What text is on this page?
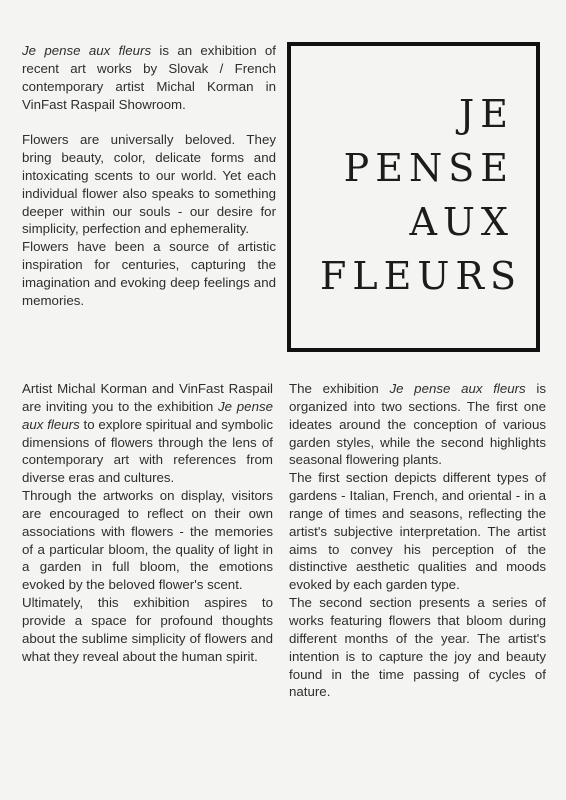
Je pense aux fleurs is an exhibition of recent art works by Slovak / French contemporary artist Michal Korman in VinFast Raspail Showroom.

Flowers are universally beloved. They bring beauty, color, delicate forms and intoxicating scents to our world. Yet each individual flower also speaks to something deeper within our souls - our desire for simplicity, perfection and ephemerality.

Flowers have been a source of artistic inspiration for centuries, capturing the imagination and evoking deep feelings and memories.

JE
PENSE
AUX
FLEURS

Artist Michal Korman and VinFast Raspail are inviting you to the exhibition Je pense aux fleurs to explore spiritual and symbolic dimensions of flowers through the lens of contemporary art with references from diverse eras and cultures.

Through the artworks on display, visitors are encouraged to reflect on their own associations with flowers - the memories of a particular bloom, the quality of light in a garden in full bloom, the emotions evoked by the beloved flower's scent.

Ultimately, this exhibition aspires to provide a space for profound thoughts about the sublime simplicity of flowers and what they reveal about the human spirit.

The exhibition Je pense aux fleurs is organized into two sections. The first one ideates around the conception of various garden styles, while the second highlights seasonal flowering plants.

The first section depicts different types of gardens - Italian, French, and oriental - in a range of times and seasons, reflecting the artist's subjective interpretation. The artist aims to convey his perception of the distinctive aesthetic qualities and moods evoked by each garden type.

The second section presents a series of works featuring flowers that bloom during different months of the year. The artist's intention is to capture the joy and beauty found in the time passing of cycles of nature.
